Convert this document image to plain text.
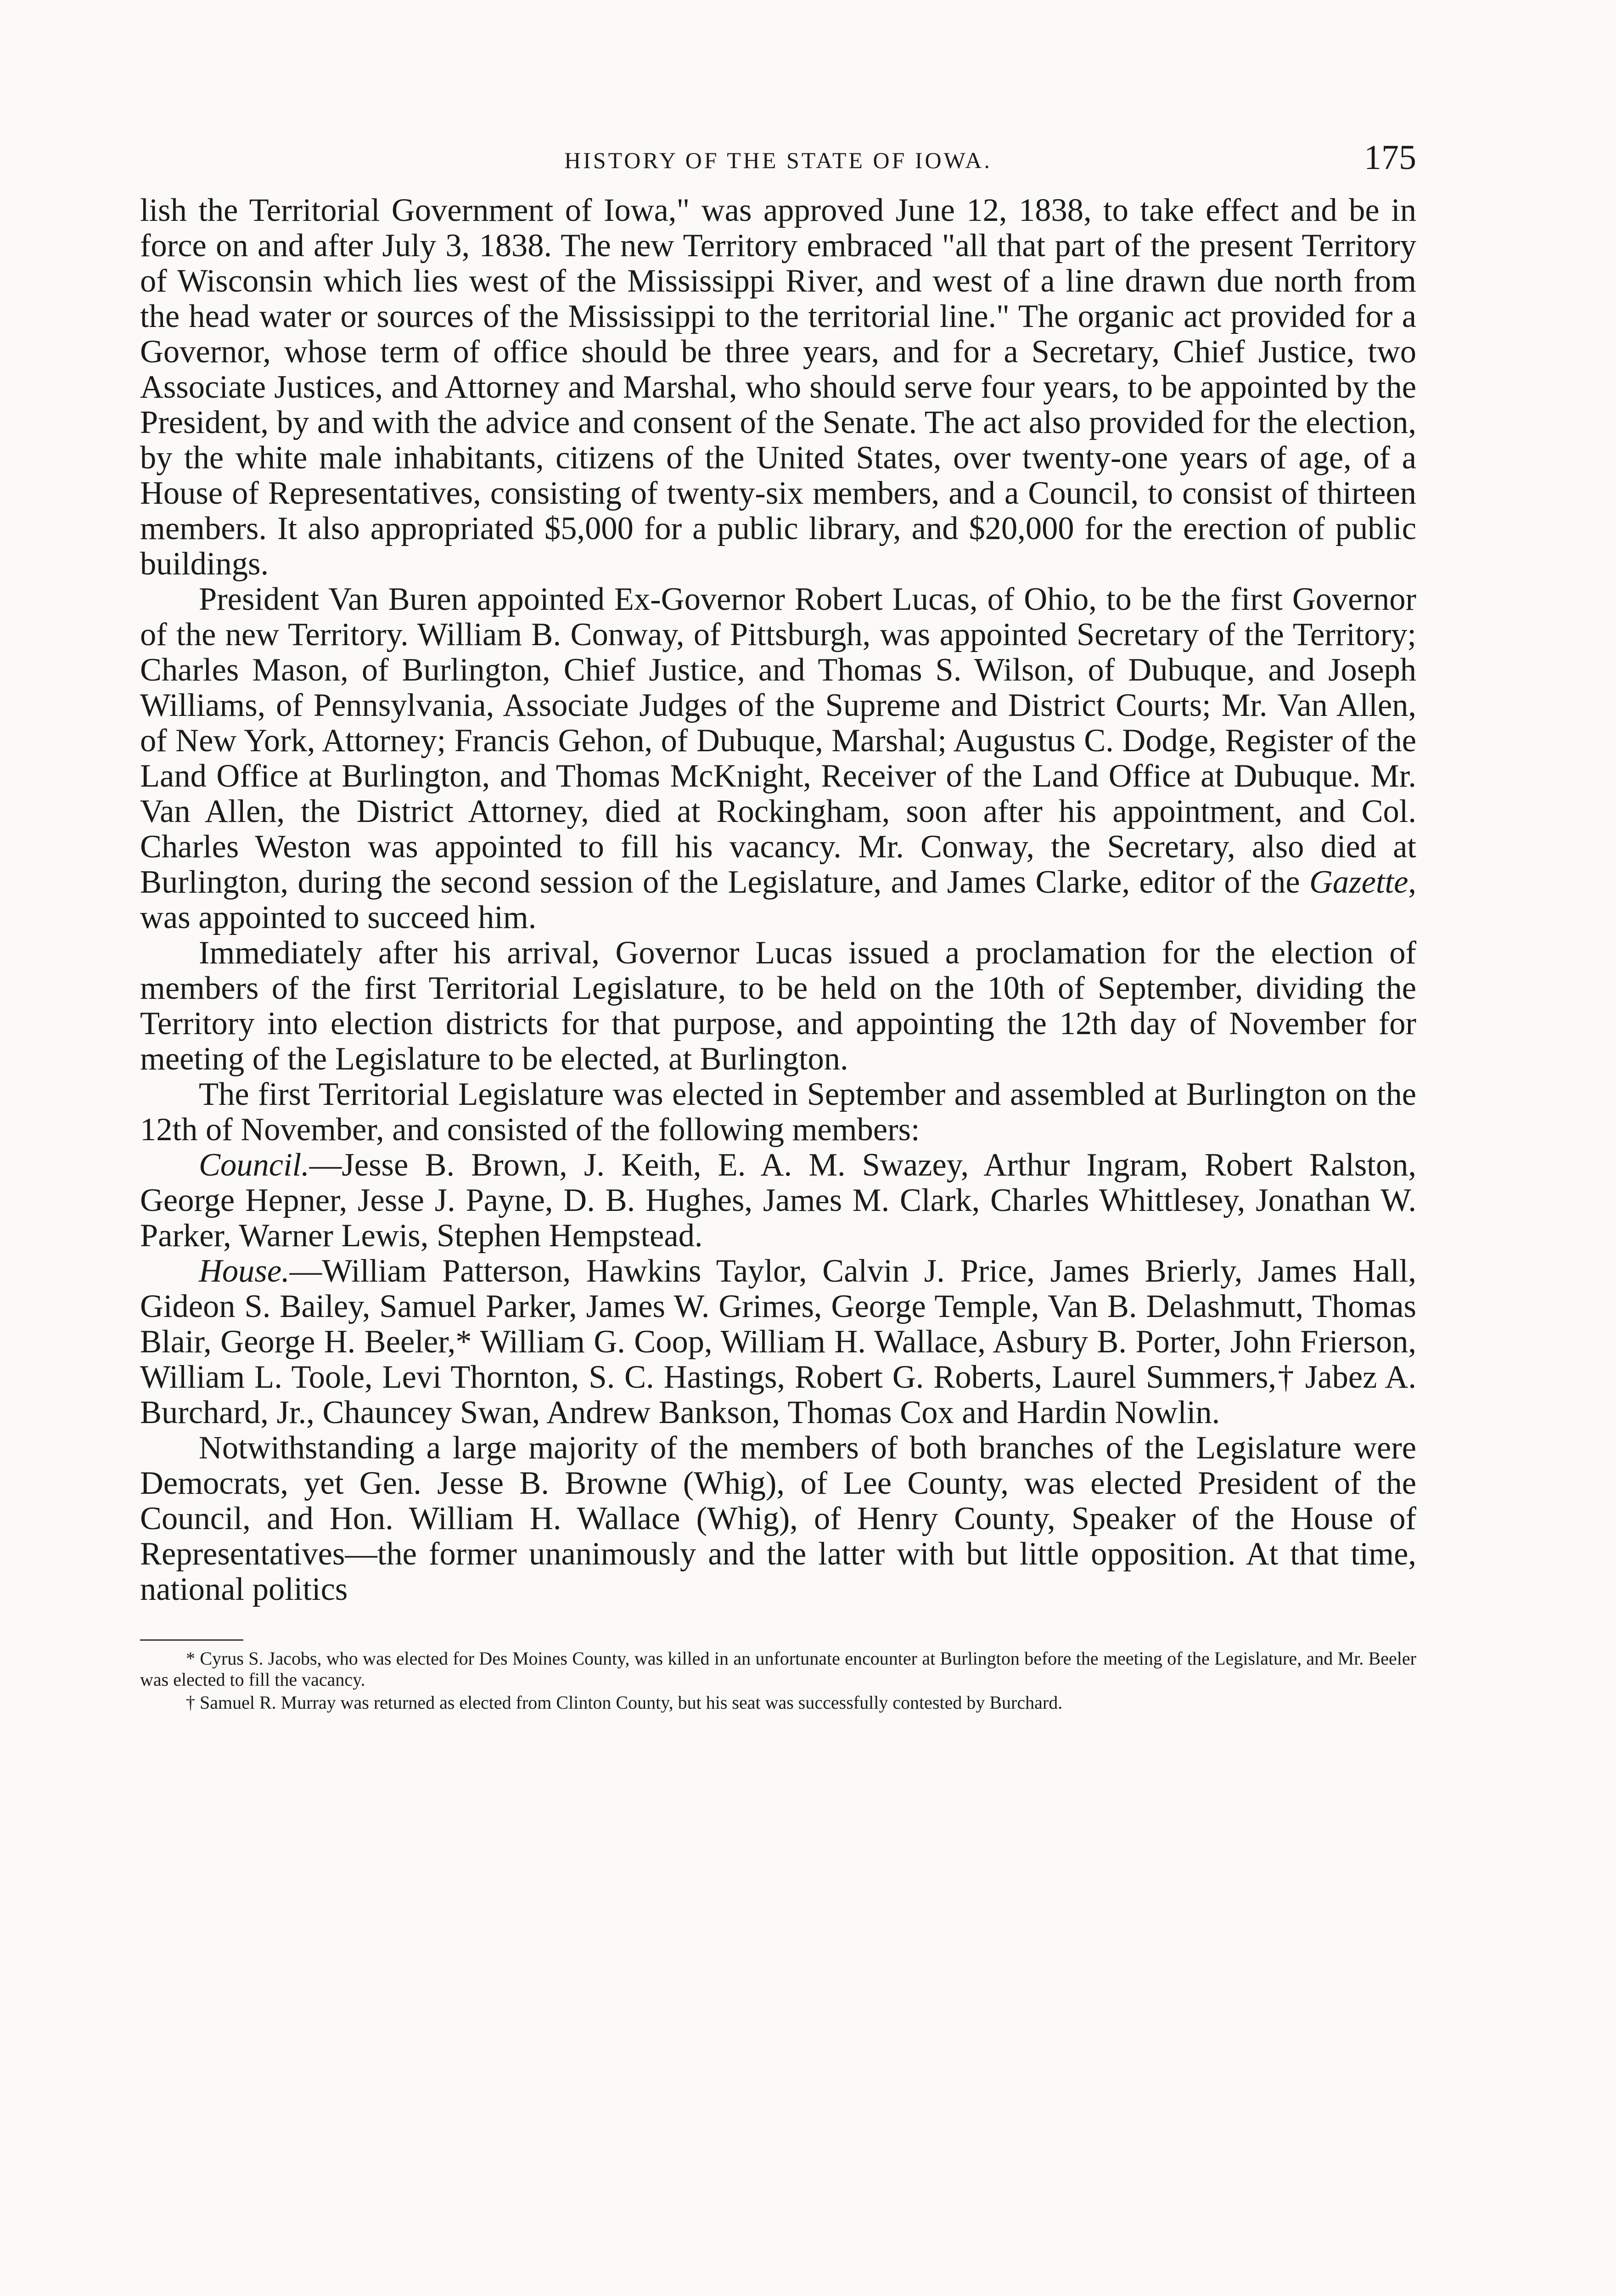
HISTORY OF THE STATE OF IOWA.	175

lish the Territorial Government of Iowa," was approved June 12, 1838, to take effect and be in force on and after July 3, 1838. The new Territory embraced "all that part of the present Territory of Wisconsin which lies west of the Mississippi River, and west of a line drawn due north from the head water or sources of the Mississippi to the territorial line." The organic act provided for a Governor, whose term of office should be three years, and for a Secretary, Chief Justice, two Associate Justices, and Attorney and Marshal, who should serve four years, to be appointed by the President, by and with the advice and consent of the Senate. The act also provided for the election, by the white male inhabitants, citizens of the United States, over twenty-one years of age, of a House of Representatives, consisting of twenty-six members, and a Council, to consist of thirteen members. It also appropriated $5,000 for a public library, and $20,000 for the erection of public buildings.

President Van Buren appointed Ex-Governor Robert Lucas, of Ohio, to be the first Governor of the new Territory. William B. Conway, of Pittsburgh, was appointed Secretary of the Territory; Charles Mason, of Burlington, Chief Justice, and Thomas S. Wilson, of Dubuque, and Joseph Williams, of Pennsylvania, Associate Judges of the Supreme and District Courts; Mr. Van Allen, of New York, Attorney; Francis Gehon, of Dubuque, Marshal; Augustus C. Dodge, Register of the Land Office at Burlington, and Thomas McKnight, Receiver of the Land Office at Dubuque. Mr. Van Allen, the District Attorney, died at Rockingham, soon after his appointment, and Col. Charles Weston was appointed to fill his vacancy. Mr. Conway, the Secretary, also died at Burlington, during the second session of the Legislature, and James Clarke, editor of the Gazette, was appointed to succeed him.

Immediately after his arrival, Governor Lucas issued a proclamation for the election of members of the first Territorial Legislature, to be held on the 10th of September, dividing the Territory into election districts for that purpose, and appointing the 12th day of November for meeting of the Legislature to be elected, at Burlington.

The first Territorial Legislature was elected in September and assembled at Burlington on the 12th of November, and consisted of the following members:

Council.—Jesse B. Brown, J. Keith, E. A. M. Swazey, Arthur Ingram, Robert Ralston, George Hepner, Jesse J. Payne, D. B. Hughes, James M. Clark, Charles Whittlesey, Jonathan W. Parker, Warner Lewis, Stephen Hempstead.

House.—William Patterson, Hawkins Taylor, Calvin J. Price, James Brierly, James Hall, Gideon S. Bailey, Samuel Parker, James W. Grimes, George Temple, Van B. Delashmutt, Thomas Blair, George H. Beeler,* William G. Coop, William H. Wallace, Asbury B. Porter, John Frierson, William L. Toole, Levi Thornton, S. C. Hastings, Robert G. Roberts, Laurel Summers,† Jabez A. Burchard, Jr., Chauncey Swan, Andrew Bankson, Thomas Cox and Hardin Nowlin.

Notwithstanding a large majority of the members of both branches of the Legislature were Democrats, yet Gen. Jesse B. Browne (Whig), of Lee County, was elected President of the Council, and Hon. William H. Wallace (Whig), of Henry County, Speaker of the House of Representatives—the former unanimously and the latter with but little opposition. At that time, national politics

* Cyrus S. Jacobs, who was elected for Des Moines County, was killed in an unfortunate encounter at Burlington before the meeting of the Legislature, and Mr. Beeler was elected to fill the vacancy.

† Samuel R. Murray was returned as elected from Clinton County, but his seat was successfully contested by Burchard.
